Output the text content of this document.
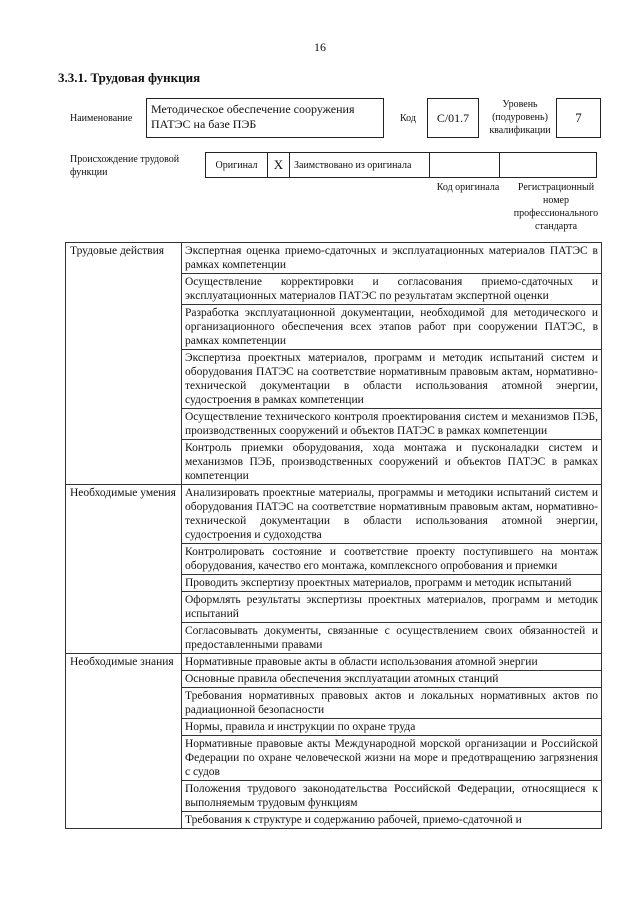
16
3.3.1. Трудовая функция
Наименование
Методическое обеспечение сооружения ПАТЭС на базе ПЭБ	Код	C/01.7
Уровень (подуровень) квалификации
7
Происхождение трудовой функции
Оригинал	X	Заимствовано из оригинала
Код оригинала	Регистрационный номер профессионального стандарта
Трудовые действия	Экспертная оценка приемо-сдаточных и эксплуатационных материалов ПАТЭС в рамках компетенции
	Осуществление корректировки и согласования приемо-сдаточных и эксплуатационных материалов ПАТЭС по результатам экспертной оценки
	Разработка эксплуатационной документации, необходимой для методического и организационного обеспечения всех этапов работ при сооружении ПАТЭС, в рамках компетенции
	Экспертиза проектных материалов, программ и методик испытаний систем и оборудования ПАТЭС на соответствие нормативным правовым актам, нормативно-технической документации в области использования атомной энергии, судостроения в рамках компетенции
	Осуществление технического контроля проектирования систем и механизмов ПЭБ, производственных сооружений и объектов ПАТЭС в рамках компетенции
	Контроль приемки оборудования, хода монтажа и пусконаладки систем и механизмов ПЭБ, производственных сооружений и объектов ПАТЭС в рамках компетенции
Необходимые умения	Анализировать проектные материалы, программы и методики испытаний систем и оборудования ПАТЭС на соответствие нормативным правовым актам, нормативно-технической документации в области использования атомной энергии, судостроения и судоходства
	Контролировать состояние и соответствие проекту поступившего на монтаж оборудования, качество его монтажа, комплексного опробования и приемки
	Проводить экспертизу проектных материалов, программ и методик испытаний
	Оформлять результаты экспертизы проектных материалов, программ и методик испытаний
	Согласовывать документы, связанные с осуществлением своих обязанностей и предоставленными правами
Необходимые знания	Нормативные правовые акты в области использования атомной энергии
	Основные правила обеспечения эксплуатации атомных станций
	Требования нормативных правовых актов и локальных нормативных актов по радиационной безопасности
	Нормы, правила и инструкции по охране труда
	Нормативные правовые акты Международной морской организации и Российской Федерации по охране человеческой жизни на море и предотвращению загрязнения с судов
	Положения трудового законодательства Российской Федерации, относящиеся к выполняемым трудовым функциям
	Требования к структуре и содержанию рабочей, приемо-сдаточной и
